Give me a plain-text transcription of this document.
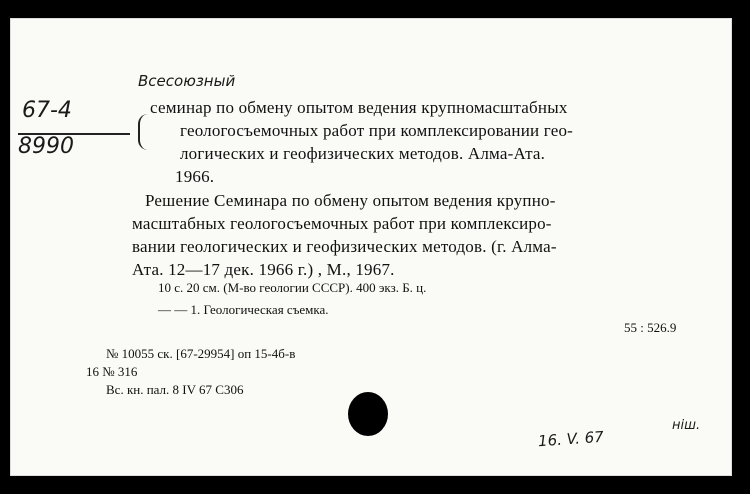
67-4
8990
Всесоюзный
семинар по обмену опытом ведения крупномасштабных
геологосъемочных работ при комплексировании гео-
логических и геофизических методов. Алма-Ата.
1966.
Решение Семинара по обмену опытом ведения крупно-
масштабных геологосъемочных работ при комплексиро-
вании геологических и геофизических методов. (г. Алма-
Ата. 12—17 дек. 1966 г.) , М., 1967.
10 с. 20 см. (М-во геологии СССР). 400 экз. Б. ц.
— — 1. Геологическая съемка.
55 : 526.9
№ 10055 ск. [67-29954] оп 15-4б-в
16 № 316
Вс. кн. пал. 8 IV 67 С306
16. V. 67
нiш.
